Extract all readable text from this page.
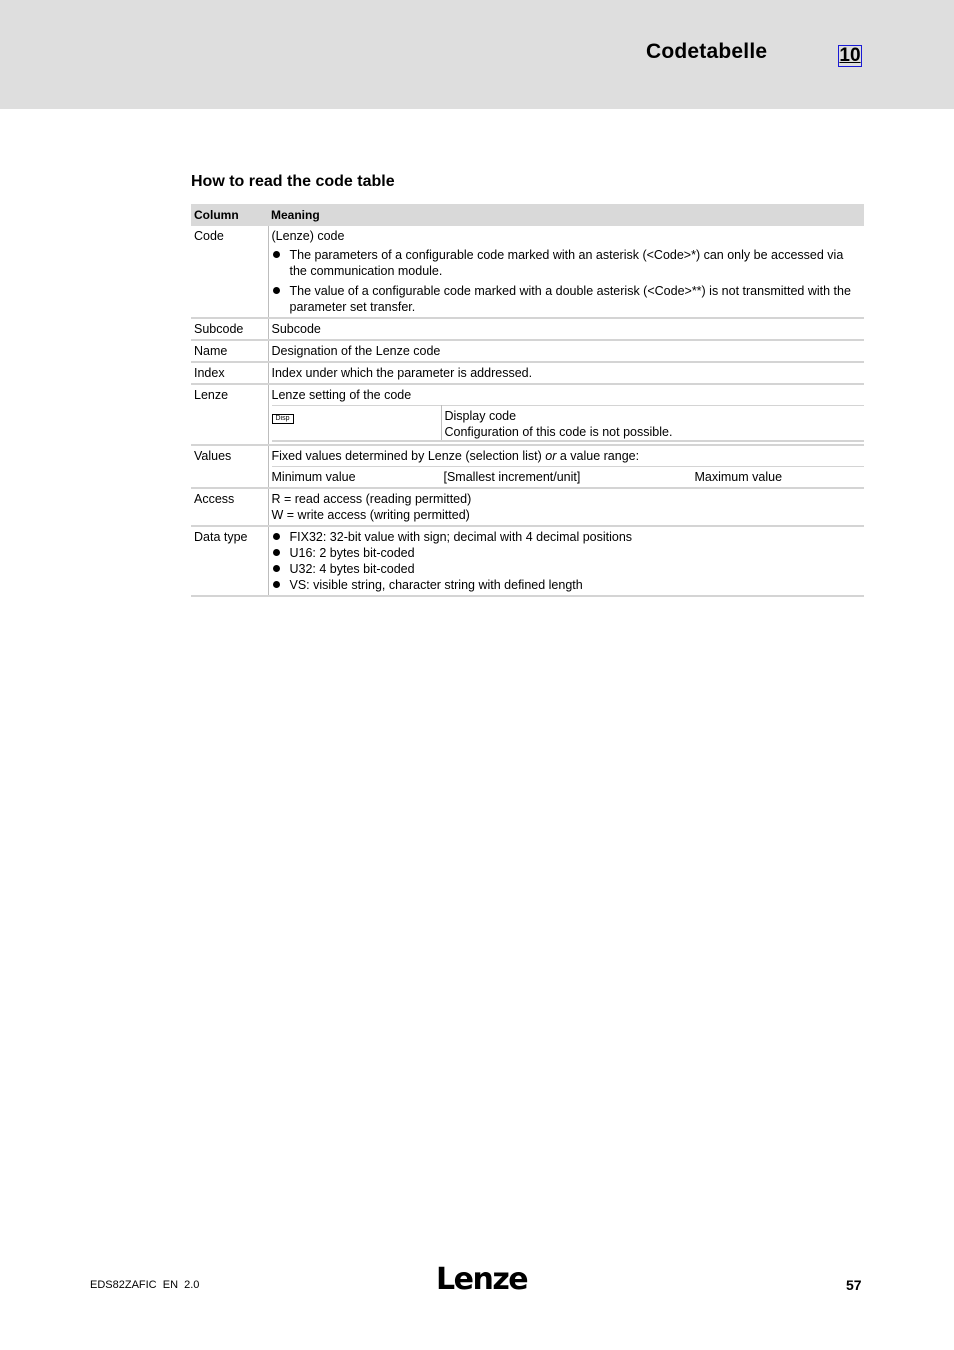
Codetabelle	10
How to read the code table
Column	Meaning
Code	(Lenze) code
The parameters of a configurable code marked with an asterisk (<Code>*) can only be accessed via the communication module.
The value of a configurable code marked with a double asterisk (<Code>**) is not transmitted with the parameter set transfer.

Subcode	Subcode
Name	Designation of the Lenze code
Index	Index under which the parameter is addressed.
Lenze	Lenze setting of the code
Disp	Display code
Configuration of this code is not possible.

Values	Fixed values determined by Lenze (selection list) or a value range:
Minimum value	[Smallest increment/unit]	Maximum value

Access	R = read access (reading permitted)
W = write access (writing permitted)

Data type	FIX32: 32-bit value with sign; decimal with 4 decimal positions
U16: 2 bytes bit-coded
U32: 4 bytes bit-coded
VS: visible string, character string with defined length
EDS82ZAFIC  EN  2.0	Lenze	57
